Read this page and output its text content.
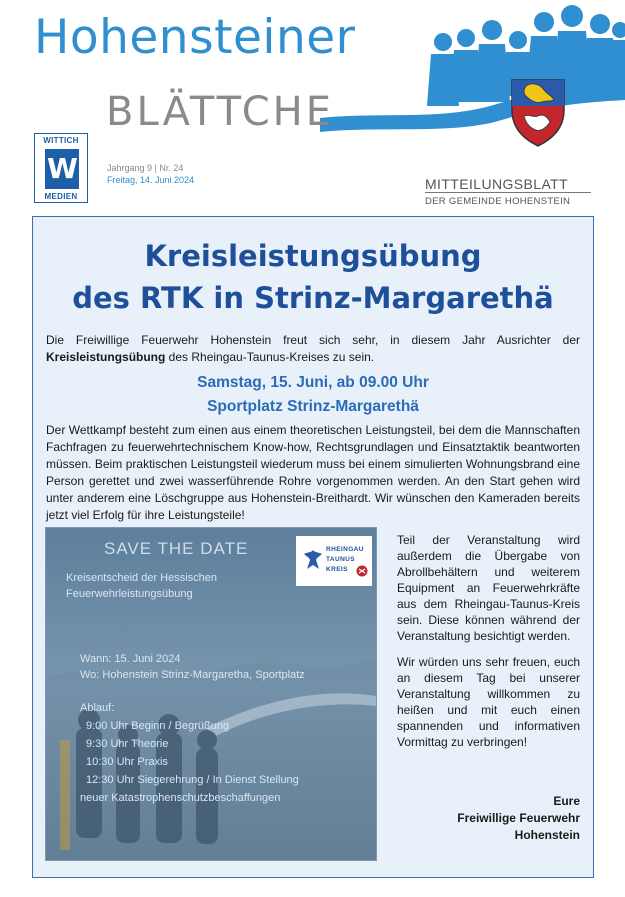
Hohensteiner
BLÄTTCHE
WITTICH
W
MEDIEN
Jahrgang 9 | Nr. 24
Freitag, 14. Juni 2024	MITTEILUNGSBLATT
DER GEMEINDE HOHENSTEIN
Kreisleistungsübung
des RTK in Strinz-Margarethä

Die Freiwillige Feuerwehr Hohenstein freut sich sehr, in diesem Jahr Ausrichter der Kreisleistungsübung des Rheingau-Taunus-Kreises zu sein.

Samstag, 15. Juni, ab 09.00 Uhr
Sportplatz Strinz-Margarethä

Der Wettkampf besteht zum einen aus einem theoretischen Leistungsteil, bei dem die Mannschaften Fachfragen zu feuerwehrtechnischem Know-how, Rechtsgrundlagen und Einsatztaktik beantworten müssen. Beim praktischen Leistungsteil wiederum muss bei einem simulierten Wohnungsbrand eine Person gerettet und zwei wasserführende Rohre vorgenommen werden. An den Start gehen wird unter anderem eine Löschgruppe aus Hohenstein-Breithardt. Wir wünschen den Kameraden bereits jetzt viel Erfolg für ihre Leistungsteile!

SAVE THE DATE
Kreisentscheid der Hessischen
Feuerwehrleistungsübung
Wann: 15. Juni 2024
Wo: Hohenstein Strinz-Margaretha, Sportplatz
Ablauf:
9:00 Uhr Beginn / Begrüßung
9:30 Uhr Theorie
10:30 Uhr Praxis
12:30 Uhr Siegerehrung / In Dienst Stellung
neuer Katastrophenschutzbeschaffungen
RHEINGAU
TAUNUS
KREIS

Teil der Veranstaltung wird außerdem die Übergabe von Abrollbehältern und weiterem Equipment an Feuerwehrkräfte aus dem Rheingau-Taunus-Kreis sein. Diese können während der Veranstaltung besichtigt werden.

Wir würden uns sehr freuen, euch an diesem Tag bei unserer Veranstaltung willkommen zu heißen und mit euch einen spannenden und informativen Vormittag zu verbringen!

Eure
Freiwillige Feuerwehr
Hohenstein
